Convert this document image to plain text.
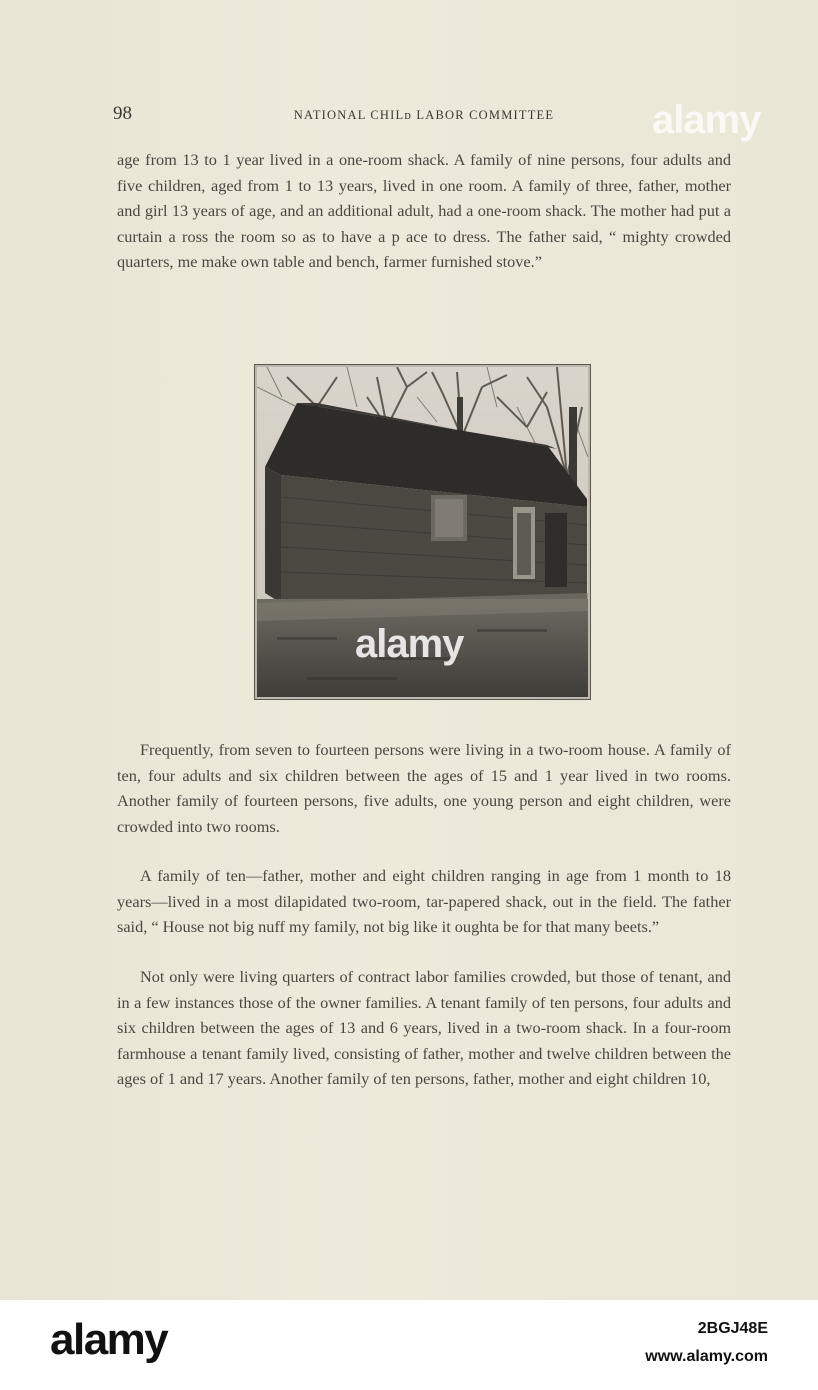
98	NATIONAL CHILᴅ LABOR COMMITTEE

age from 13 to 1 year lived in a one-room shack. A family of nine persons, four adults and five children, aged from 1 to 13 years, lived in one room. A family of three, father, mother and girl 13 years of age, and an additional adult, had a one-room shack. The mother had put a curtain a ross the room so as to have a p ace to dress. The father said, “ mighty crowded quarters, me make own table and bench, farmer furnished stove.”

Frequently, from seven to fourteen persons were living in a two-room house. A family of ten, four adults and six children between the ages of 15 and 1 year lived in two rooms. Another family of fourteen persons, five adults, one young person and eight children, were crowded into two rooms.

A family of ten—father, mother and eight children ranging in age from 1 month to 18 years—lived in a most dilapidated two-room, tar-papered shack, out in the field. The father said, “ House not big nuff my family, not big like it oughta be for that many beets.”

Not only were living quarters of contract labor families crowded, but those of tenant, and in a few instances those of the owner families. A tenant family of ten persons, four adults and six children between the ages of 13 and 6 years, lived in a two-room shack. In a four-room farmhouse a tenant family lived, consisting of father, mother and twelve children between the ages of 1 and 17 years. Another family of ten persons, father, mother and eight children 10,

alamy
alamy
alamy	2BGJ48E
www.alamy.com
